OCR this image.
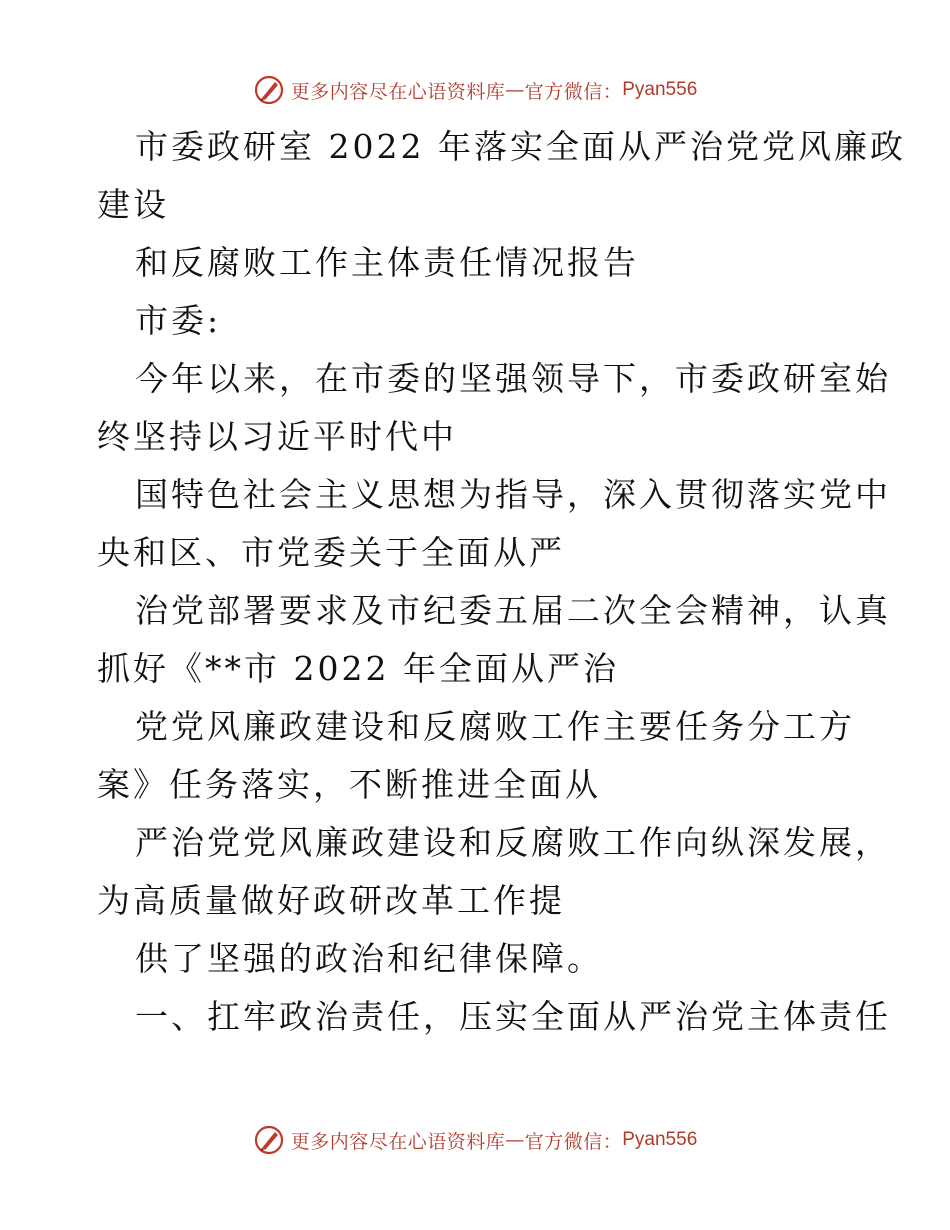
更多内容尽在心语资料库 — 官方微信： Pyan556
市委政研室 2022 年落实全面从严治党党风廉政
建设
和反腐败工作主体责任情况报告
市委:
今年以来，在市委的坚强领导下，市委政研室始
终坚持以习近平时代中
国特色社会主义思想为指导，深入贯彻落实党中
央和区、市党委关于全面从严
治党部署要求及市纪委五届二次全会精神，认真
抓好《**市 2022 年全面从严治
党党风廉政建设和反腐败工作主要任务分工方
案》任务落实，不断推进全面从
严治党党风廉政建设和反腐败工作向纵深发展，
为高质量做好政研改革工作提
供了坚强的政治和纪律保障。
一、扛牢政治责任，压实全面从严治党主体责任
更多内容尽在心语资料库 — 官方微信： Pyan556
